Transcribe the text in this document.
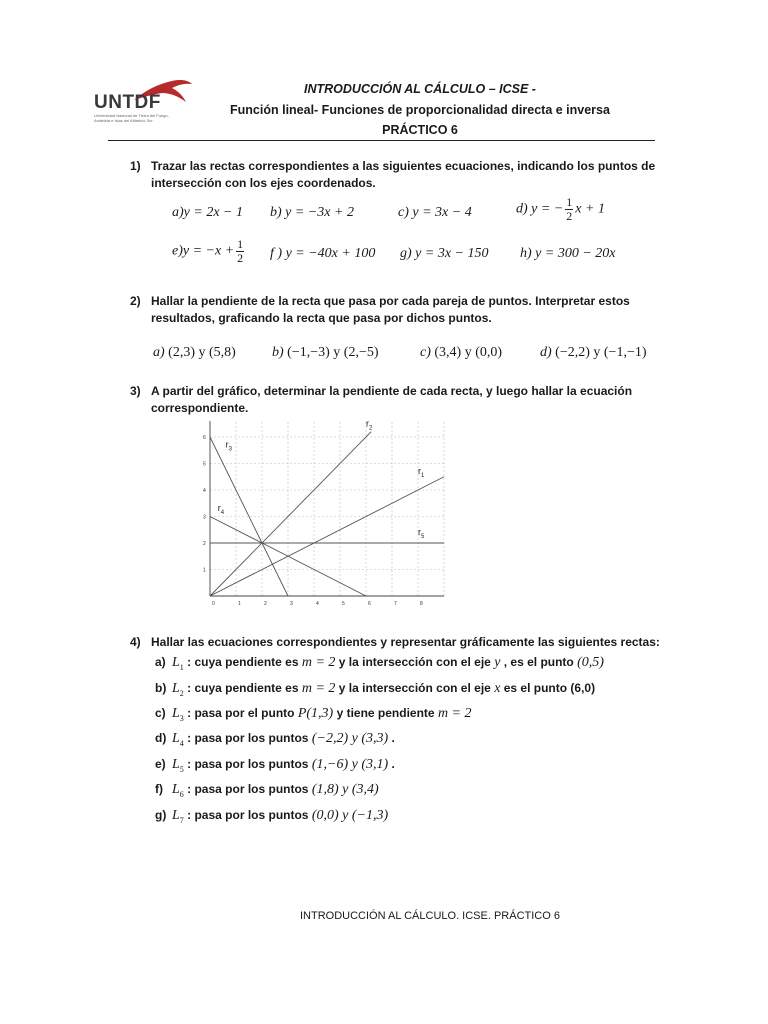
UNTDF
Universidad Nacional de Tierra del Fuego,
Antártida e Islas del Atlántico Sur
INTRODUCCIÓN AL CÁLCULO – ICSE -
Función lineal- Funciones de proporcionalidad directa e inversa
PRÁCTICO 6
1) Trazar las rectas correspondientes a las siguientes ecuaciones, indicando los puntos de
intersección con los ejes coordenados.
a)y = 2x − 1 b) y = −3x + 2	c) y = 3x − 4	d) y = − $\frac{1}{2}$ x + 1
$e)y = -x + \frac{1}{2}$ f ) y = −40x + 100 g) y = 3x − 150 h) y = 300 − 20x
2) Hallar la pendiente de la recta que pasa por cada pareja de puntos. Interpretar estos
resultados, graficando la recta que pasa por dichos puntos.
a) (2,3) y (5,8)	b) (−1,−3) y (2,−5)	c) (3,4) y (0,0)	d) (−2,2) y (−1,−1)
3) A partir del gráfico, determinar la pendiente de cada recta, y luego hallar la ecuación
correspondiente.
0	1	2	3	4	5	6	7	8
1
2
3
4
5
6
$r_2$
$r_3$
$r_1$
$r_4$
$r_5$
4) Hallar las ecuaciones correspondientes y representar gráficamente las siguientes rectas:
a) $L_1$ : cuya pendiente es m = 2 y la intersección con el eje y , es el punto (0,5)
b) $L_2$ : cuya pendiente es m = 2 y la intersección con el eje x es el punto (6,0)
c) $L_3$ : pasa por el punto P(1,3) y tiene pendiente m = 2
d) $L_4$ : pasa por los puntos (−2,2) y (3,3) .
e) $L_5$ : pasa por los puntos (1,−6) y (3,1) .
f) $L_6$ : pasa por los puntos (1,8) y (3,4)
g) $L_7$ : pasa por los puntos (0,0) y (−1,3)
INTRODUCCIÓN AL CÁLCULO. ICSE. PRÁCTICO 6
